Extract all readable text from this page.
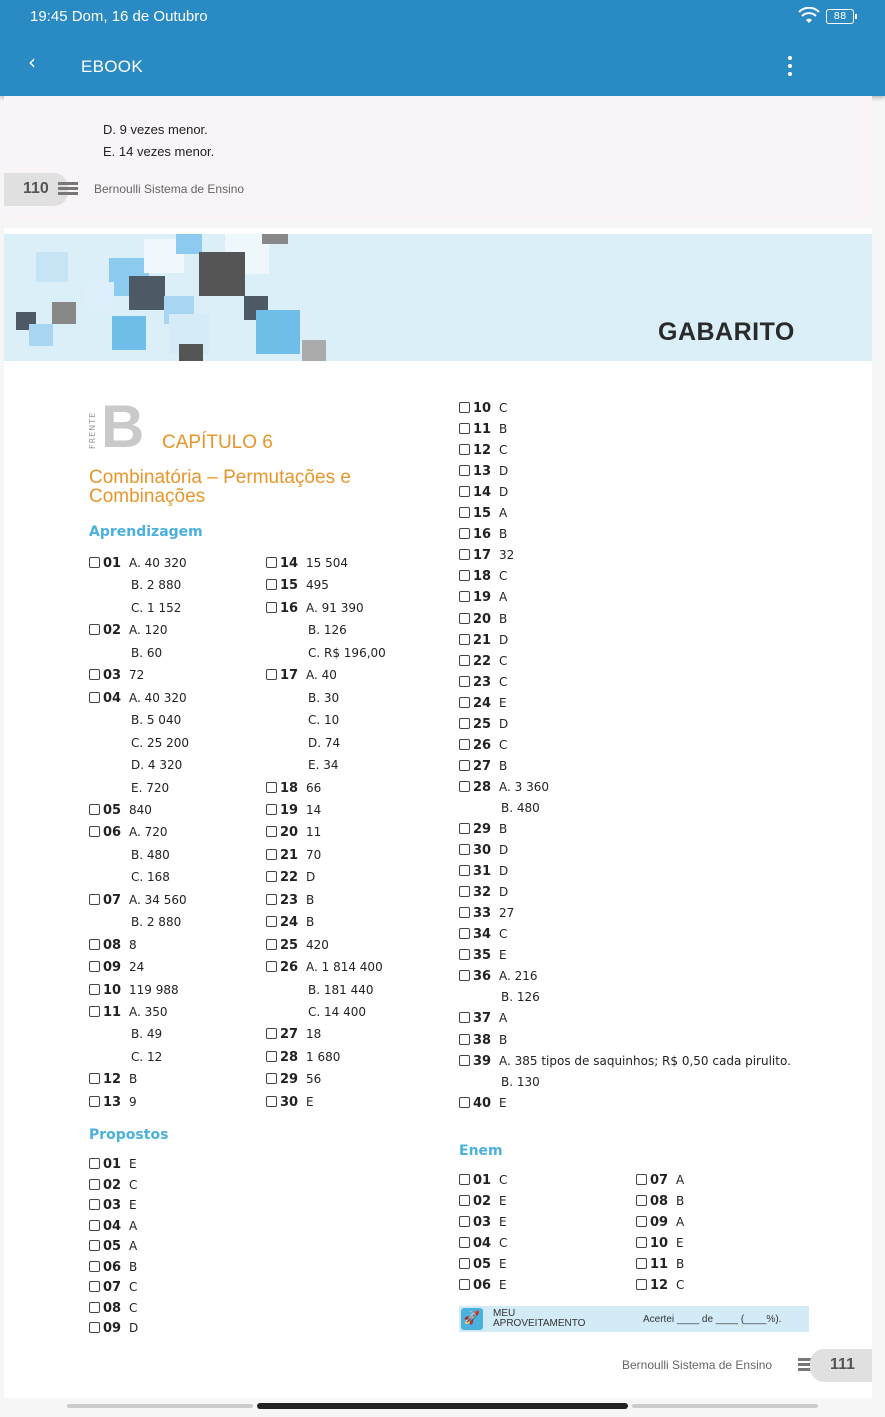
19:45 Dom, 16 de Outubro	88
‹	EBOOK
D. 9 vezes menor.
E. 14 vezes menor.
110	Bernoulli Sistema de Ensino
GABARITO
FRENTE B CAPÍTULO 6
Combinatória – Permutações e Combinações
Aprendizagem
Propostos
Enem
01 A. 40 320
B. 2 880
C. 1 152
02 A. 120
B. 60
03 72
04 A. 40 320
B. 5 040
C. 25 200
D. 4 320
E. 720
05 840
06 A. 720
B. 480
C. 168
07 A. 34 560
B. 2 880
08 8
09 24
10 119 988
11 A. 350
B. 49
C. 12
12 B
13 9
14 15 504
15 495
16 A. 91 390
B. 126
C. R$ 196,00
17 A. 40
B. 30
C. 10
D. 74
E. 34
18 66
19 14
20 11
21 70
22 D
23 B
24 B
25 420
26 A. 1 814 400
B. 181 440
C. 14 400
27 18
28 1 680
29 56
30 E
01 E
02 C
03 E
04 A
05 A
06 B
07 C
08 C
09 D
10 C
11 B
12 C
13 D
14 D
15 A
16 B
17 32
18 C
19 A
20 B
21 D
22 C
23 C
24 E
25 D
26 C
27 B
28 A. 3 360
B. 480
29 B
30 D
31 D
32 D
33 27
34 C
35 E
36 A. 216
B. 126
37 A
38 B
39 A. 385 tipos de saquinhos; R$ 0,50 cada pirulito.
B. 130
40 E
01 C
02 E
03 E
04 C
05 E
06 E
07 A
08 B
09 A
10 E
11 B
12 C
🚀 MEU
APROVEITAMENTO	Acertei ____ de ____ (____%).
Bernoulli Sistema de Ensino	111
